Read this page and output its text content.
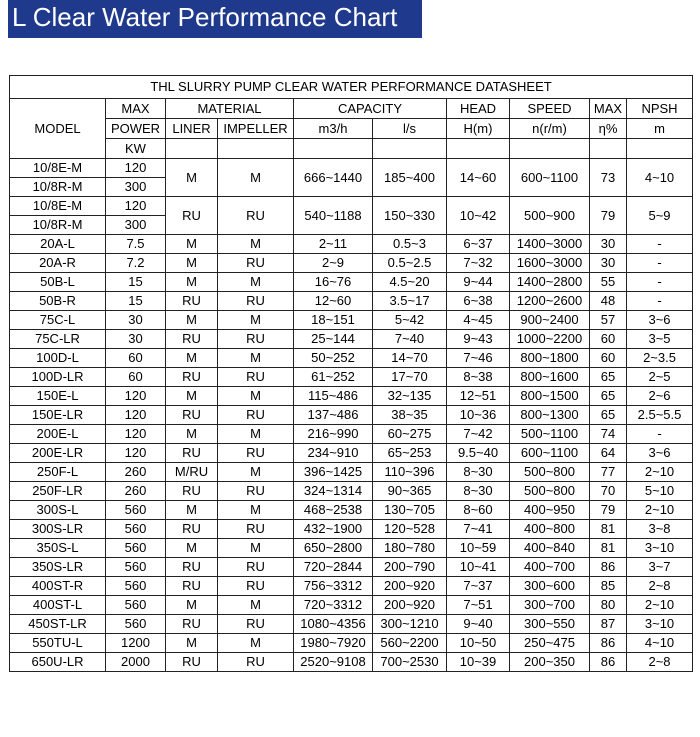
L Clear Water Performance Chart
THL SLURRY PUMP CLEAR WATER PERFORMANCE DATASHEET									
MODEL	MAX	MATERIAL		CAPACITY		HEAD	SPEED	MAX	NPSH
	POWER	LINER	IMPELLER	m3/h	l/s	H(m)	n(r/m)	η%	m
	KW								
10/8E-M	120	M	M	666~1440	185~400	14~60	600~1100	73	4~10
10/8R-M	300								
10/8E-M	120	RU	RU	540~1188	150~330	10~42	500~900	79	5~9
10/8R-M	300								
20A-L	7.5	M	M	2~11	0.5~3	6~37	1400~3000	30	-
20A-R	7.2	M	RU	2~9	0.5~2.5	7~32	1600~3000	30	-
50B-L	15	M	M	16~76	4.5~20	9~44	1400~2800	55	-
50B-R	15	RU	RU	12~60	3.5~17	6~38	1200~2600	48	-
75C-L	30	M	M	18~151	5~42	4~45	900~2400	57	3~6
75C-LR	30	RU	RU	25~144	7~40	9~43	1000~2200	60	3~5
100D-L	60	M	M	50~252	14~70	7~46	800~1800	60	2~3.5
100D-LR	60	RU	RU	61~252	17~70	8~38	800~1600	65	2~5
150E-L	120	M	M	115~486	32~135	12~51	800~1500	65	2~6
150E-LR	120	RU	RU	137~486	38~35	10~36	800~1300	65	2.5~5.5
200E-L	120	M	M	216~990	60~275	7~42	500~1100	74	-
200E-LR	120	RU	RU	234~910	65~253	9.5~40	600~1100	64	3~6
250F-L	260	M/RU	M	396~1425	110~396	8~30	500~800	77	2~10
250F-LR	260	RU	RU	324~1314	90~365	8~30	500~800	70	5~10
300S-L	560	M	M	468~2538	130~705	8~60	400~950	79	2~10
300S-LR	560	RU	RU	432~1900	120~528	7~41	400~800	81	3~8
350S-L	560	M	M	650~2800	180~780	10~59	400~840	81	3~10
350S-LR	560	RU	RU	720~2844	200~790	10~41	400~700	86	3~7
400ST-R	560	RU	RU	756~3312	200~920	7~37	300~600	85	2~8
400ST-L	560	M	M	720~3312	200~920	7~51	300~700	80	2~10
450ST-LR	560	RU	RU	1080~4356	300~1210	9~40	300~550	87	3~10
550TU-L	1200	M	M	1980~7920	560~2200	10~50	250~475	86	4~10
650U-LR	2000	RU	RU	2520~9108	700~2530	10~39	200~350	86	2~8
